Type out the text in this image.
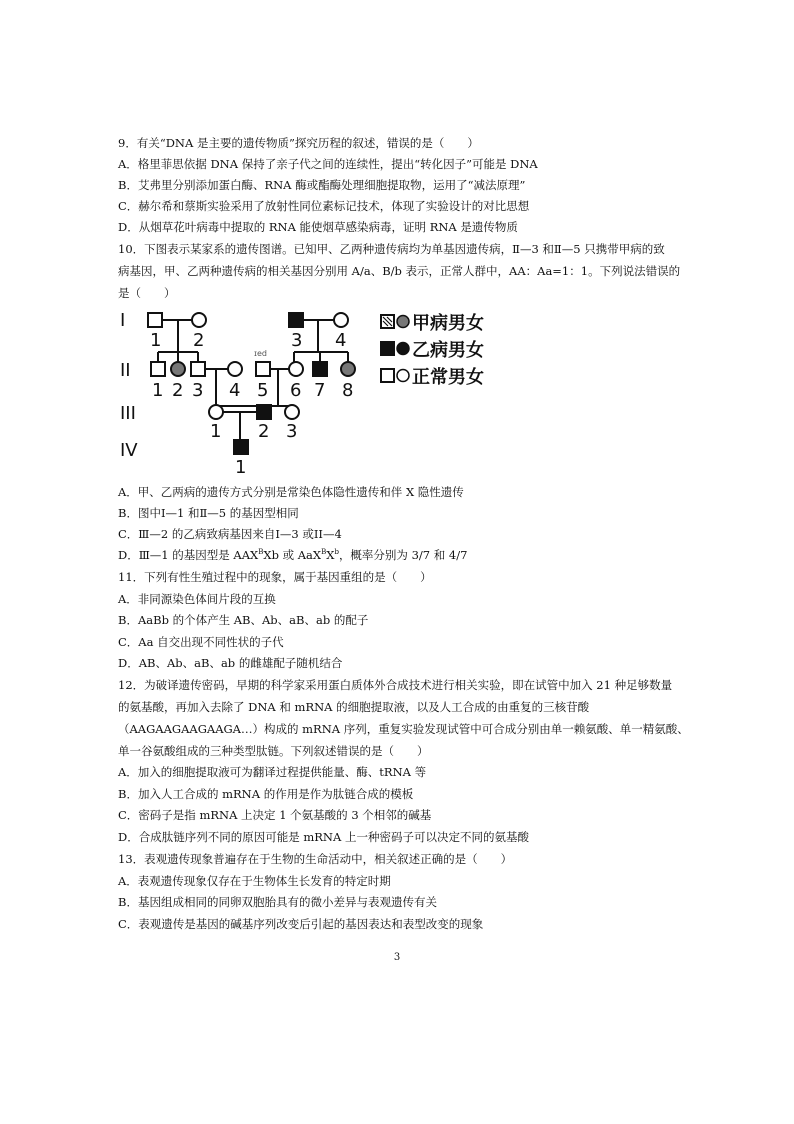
9．有关“DNA 是主要的遗传物质”探究历程的叙述，错误的是（　　）
A．格里菲思依据 DNA 保持了亲子代之间的连续性，提出“转化因子”可能是 DNA
B．艾弗里分别添加蛋白酶、RNA 酶或酯酶处理细胞提取物，运用了“减法原理”
C．赫尔希和蔡斯实验采用了放射性同位素标记技术，体现了实验设计的对比思想
D．从烟草花叶病毒中提取的 RNA 能使烟草感染病毒，证明 RNA 是遗传物质
10．下图表示某家系的遗传图谱。已知甲、乙两种遗传病均为单基因遗传病，Ⅱ—3 和Ⅱ—5 只携带甲病的致
病基因，甲、乙两种遗传病的相关基因分别用 A/a、B/b 表示，正常人群中，AA：Aa=1：1。下列说法错误的
是（　　）
I
II
III
IV
1 2	3 4
1 2 3 4 5 6 7 8
1 2 3
1
ɪed
甲病男女
乙病男女
正常男女
A．甲、乙两病的遗传方式分别是常染色体隐性遗传和伴 X 隐性遗传
B．图中Ⅰ—1 和Ⅱ—5 的基因型相同
C．Ⅲ—2 的乙病致病基因来自Ⅰ—3 或ⅠⅠ—4
D．Ⅲ—1 的基因型是 $AAX^BXb$ 或 $AaX^BX^b$，概率分别为 3/7 和 4/7
11．下列有性生殖过程中的现象，属于基因重组的是（　　）
A．非同源染色体间片段的互换
B．AaBb 的个体产生 AB、Ab、aB、ab 的配子
C．Aa 自交出现不同性状的子代
D．AB、Ab、aB、ab 的雌雄配子随机结合
12．为破译遗传密码，早期的科学家采用蛋白质体外合成技术进行相关实验，即在试管中加入 21 种足够数量
的氨基酸，再加入去除了 DNA 和 mRNA 的细胞提取液，以及人工合成的由重复的三核苷酸
（AAGAAGAAGAAGA…）构成的 mRNA 序列，重复实验发现试管中可合成分别由单一赖氨酸、单一精氨酸、
单一谷氨酸组成的三种类型肽链。下列叙述错误的是（　　）
A．加入的细胞提取液可为翻译过程提供能量、酶、tRNA 等
B．加入人工合成的 mRNA 的作用是作为肽链合成的模板
C．密码子是指 mRNA 上决定 1 个氨基酸的 3 个相邻的碱基
D．合成肽链序列不同的原因可能是 mRNA 上一种密码子可以决定不同的氨基酸
13．表观遗传现象普遍存在于生物的生命活动中，相关叙述正确的是（　　）
A．表观遗传现象仅存在于生物体生长发育的特定时期
B．基因组成相同的同卵双胞胎具有的微小差异与表观遗传有关
C．表观遗传是基因的碱基序列改变后引起的基因表达和表型改变的现象
3
